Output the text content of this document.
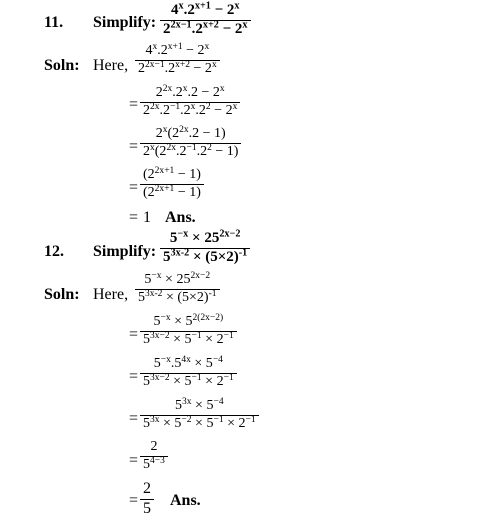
11. Simplify: $\frac{4^x.2^{x+1} - 2^x}{2^{2x-1}.2^{x+2} - 2^x}$
Soln: Here, $\frac{4^x.2^{x+1} - 2^x}{2^{2x-1}.2^{x+2} - 2^x}$
= $\frac{2^{2x}.2^x.2 - 2^x}{2^{2x}.2^{-1}.2^x.2^2 - 2^x}$
= $\frac{2^x(2^{2x}.2 - 1)}{2^x(2^{2x}.2^{-1}.2^2 - 1)}$
= $\frac{(2^{2x+1} - 1)}{(2^{2x+1} - 1)}$
= 1 Ans.
12. Simplify: $\frac{5^{-x} \times 25^{2x-2}}{5^{3x-2} \times (5\times 2)^{-1}}$
Soln: Here, $\frac{5^{-x} \times 25^{2x-2}}{5^{3x-2} \times (5\times 2)^{-1}}$
= $\frac{5^{-x} \times 5^{2(2x-2)}}{5^{3x-2} \times 5^{-1} \times 2^{-1}}$
= $\frac{5^{-x}.5^{4x} \times 5^{-4}}{5^{3x-2} \times 5^{-1} \times 2^{-1}}$
= $\frac{5^{3x} \times 5^{-4}}{5^{3x} \times 5^{-2} \times 5^{-1} \times 2^{-1}}$
= $\frac{2}{5^{4-3}}$
= $\frac{2}{5}$ Ans.
